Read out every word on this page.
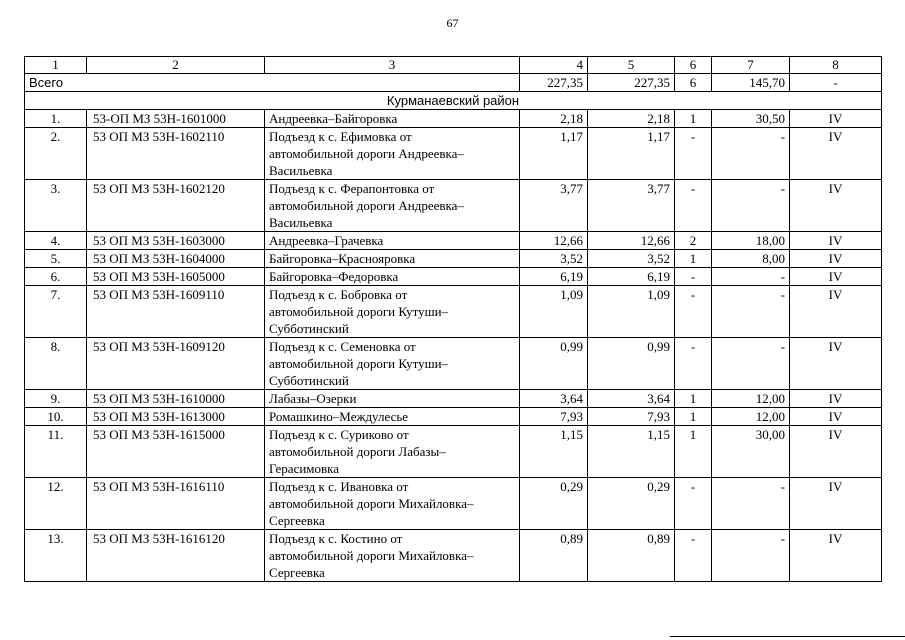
67
1	2	3	4	5	6	7	8
Всего			227,35	227,35	6	145,70	-
Курманаевский район							
1.	53-ОП МЗ 53Н-1601000	Андреевка–Байгоровка	2,18	2,18	1	30,50	IV
2.	53 ОП МЗ 53Н-1602110	Подъезд к с. Ефимовка от
автомобильной дороги Андреевка–
Васильевка	1,17	1,17	-	-	IV
3.	53 ОП МЗ 53Н-1602120	Подъезд к с. Ферапонтовка от
автомобильной дороги Андреевка–
Васильевка	3,77	3,77	-	-	IV
4.	53 ОП МЗ 53Н-1603000	Андреевка–Грачевка	12,66	12,66	2	18,00	IV
5.	53 ОП МЗ 53Н-1604000	Байгоровка–Краснояровка	3,52	3,52	1	8,00	IV
6.	53 ОП МЗ 53Н-1605000	Байгоровка–Федоровка	6,19	6,19	-	-	IV
7.	53 ОП МЗ 53Н-1609110	Подъезд к с. Бобровка от
автомобильной дороги Кутуши–
Субботинский	1,09	1,09	-	-	IV
8.	53 ОП МЗ 53Н-1609120	Подъезд к с. Семеновка от
автомобильной дороги Кутуши–
Субботинский	0,99	0,99	-	-	IV
9.	53 ОП МЗ 53Н-1610000	Лабазы–Озерки	3,64	3,64	1	12,00	IV
10.	53 ОП МЗ 53Н-1613000	Ромашкино–Междулесье	7,93	7,93	1	12,00	IV
11.	53 ОП МЗ 53Н-1615000	Подъезд к с. Суриково от
автомобильной дороги Лабазы–
Герасимовка	1,15	1,15	1	30,00	IV
12.	53 ОП МЗ 53Н-1616110	Подъезд к с. Ивановка от
автомобильной дороги Михайловка–
Сергеевка	0,29	0,29	-	-	IV
13.	53 ОП МЗ 53Н-1616120	Подъезд к с. Костино от
автомобильной дороги Михайловка–
Сергеевка	0,89	0,89	-	-	IV
